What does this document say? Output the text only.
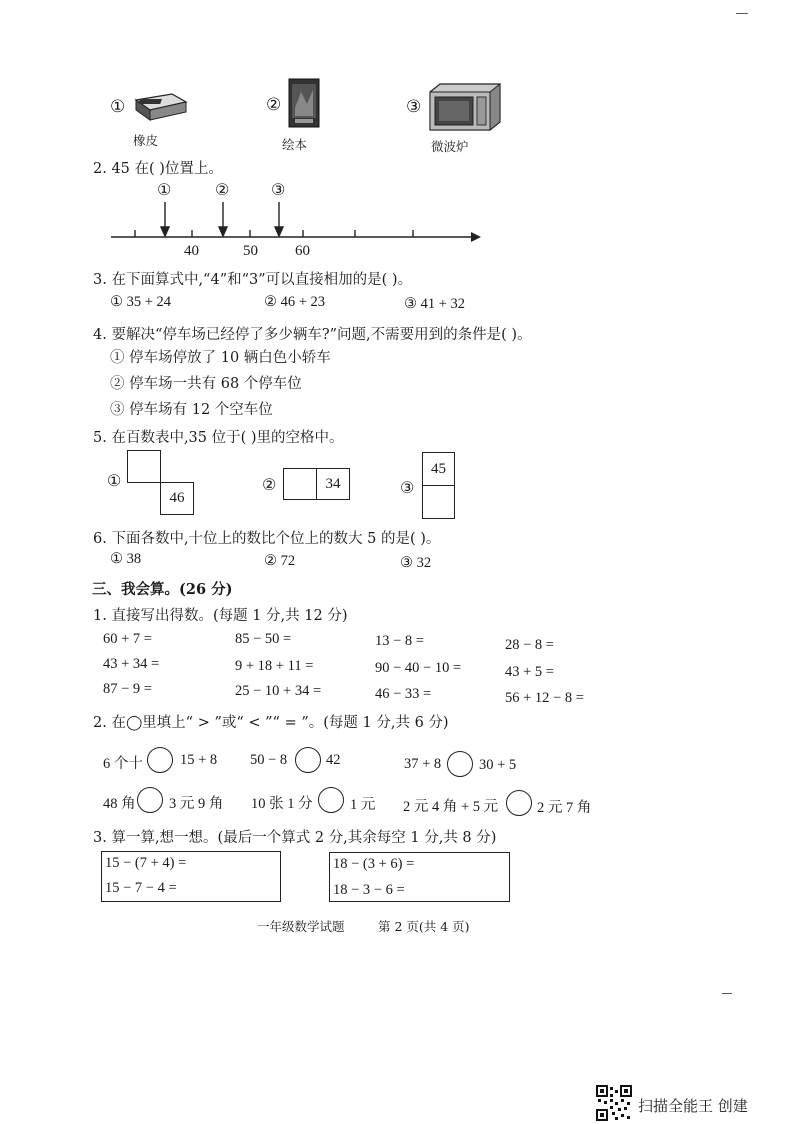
①
橡皮
②
绘本
③
微波炉
2. 45 在( )位置上。
①	②	③
40	50 60
3. 在下面算式中,“4”和“3”可以直接相加的是( )。
① 35 + 24	② 46 + 23	③ 41 + 32
4. 要解决“停车场已经停了多少辆车?”问题,不需要用到的条件是( )。
① 停车场停放了 10 辆白色小轿车
② 停车场一共有 68 个停车位
③ 停车场有 12 个空车位
5. 在百数表中,35 位于( )里的空格中。
①
46
②	34	③
45
6. 下面各数中,十位上的数比个位上的数大 5 的是( )。
① 38	② 72	③ 32
三、我会算。(26 分)
1. 直接写出得数。(每题 1 分,共 12 分)
60 + 7 =	85 − 50 =	13 − 8 =	28 − 8 =
43 + 34 =	9 + 18 + 11 =	90 − 40 − 10 =	43 + 5 =
87 − 9 =	25 − 10 + 34 =	46 − 33 =	56 + 12 − 8 =
2. 在◯里填上“ > ”或“ < ”“ = ”。(每题 1 分,共 6 分)
6 个十	15 + 8 50 − 8	42	37 + 8	30 + 5
48 角 3 元 9 角 10 张 1 分	1 元 2 元 4 角 + 5 元	2 元 7 角
3. 算一算,想一想。(最后一个算式 2 分,其余每空 1 分,共 8 分)
15 − (7 + 4) =
15 − 7 − 4 =
18 − (3 + 6) =
18 − 3 − 6 =
一年级数学试题	第 2 页(共 4 页)
扫描全能王 创建
